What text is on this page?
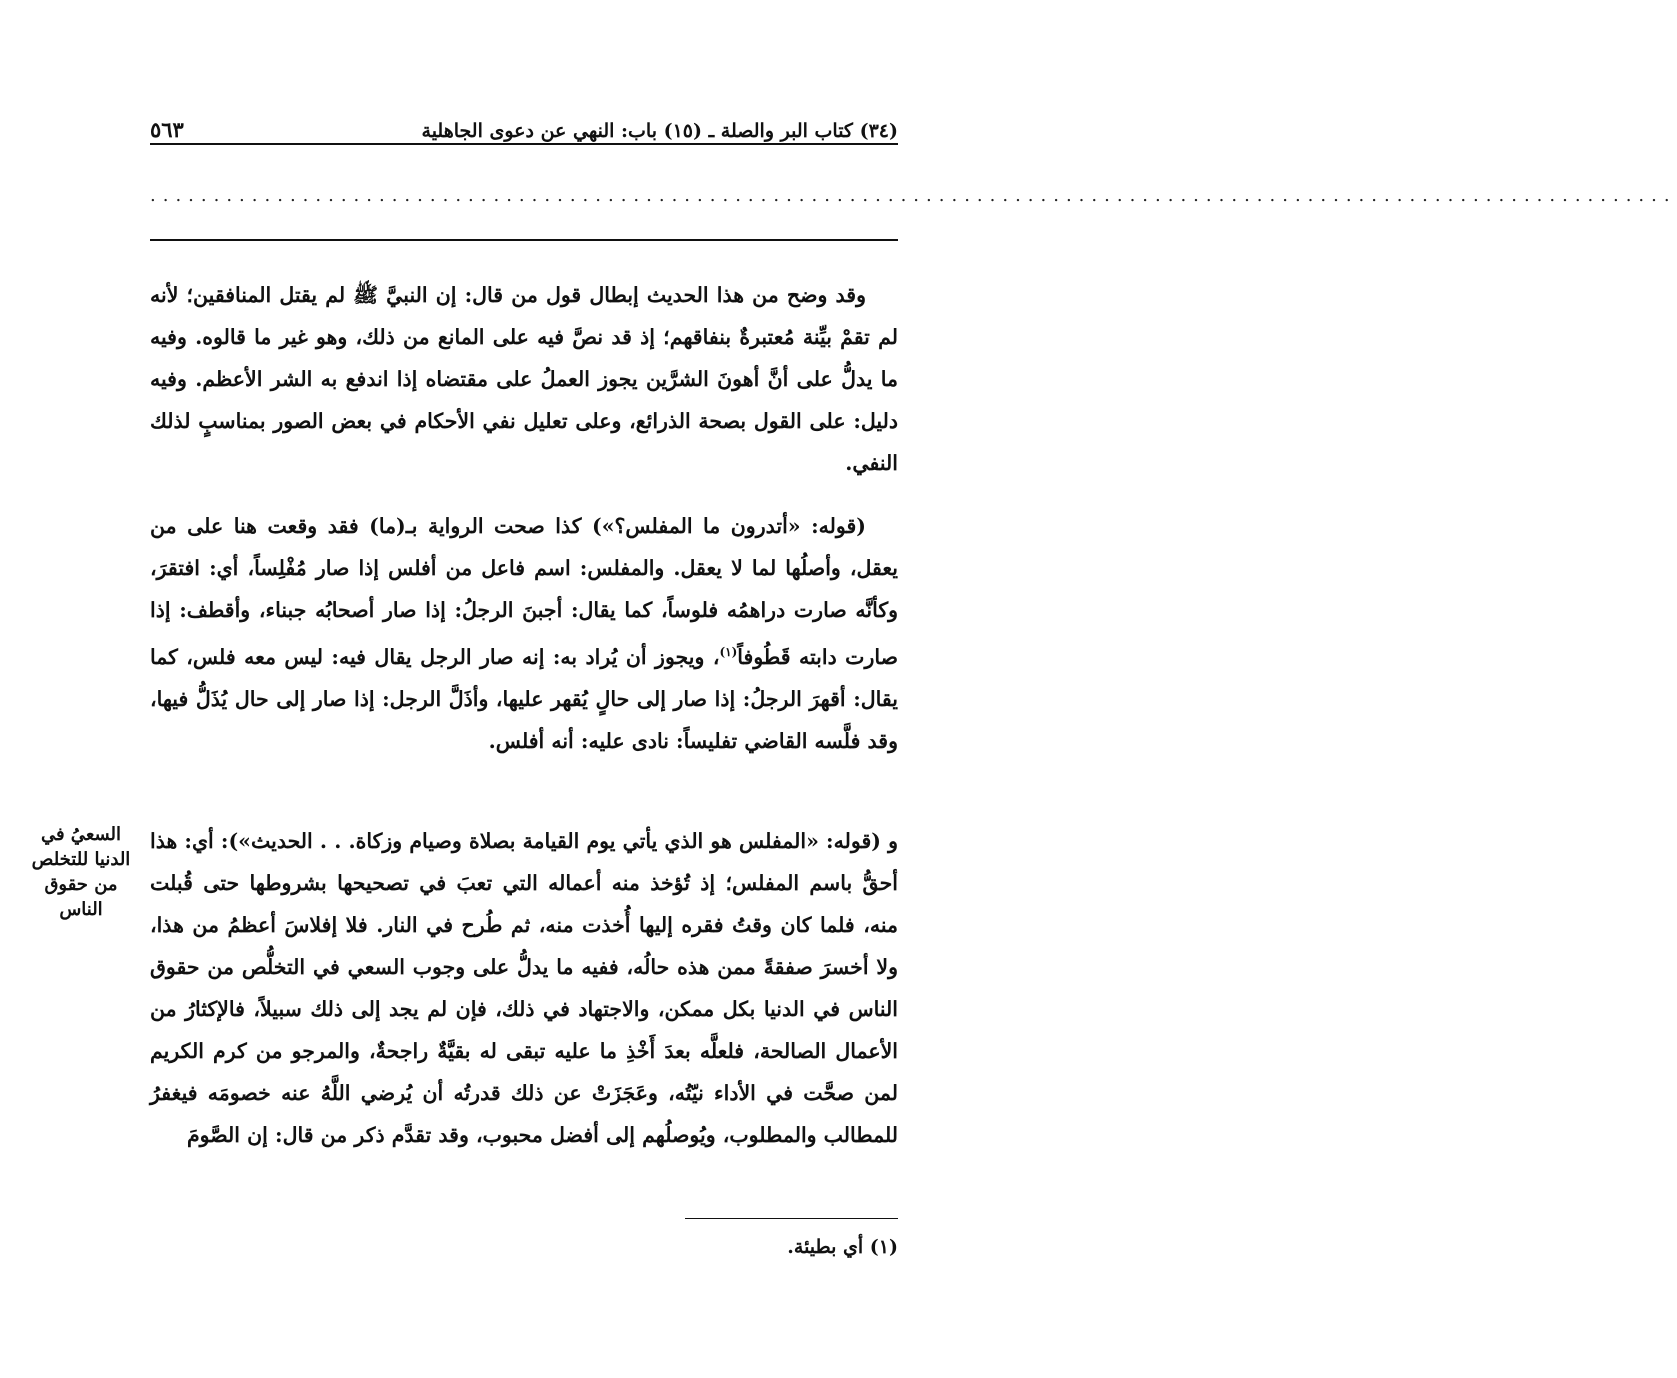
٥٦٣	(٣٤) كتاب البر والصلة ـ (١٥) باب: النهي عن دعوى الجاهلية
........................................................................................................................

وقد وضح من هذا الحديث إبطال قول من قال: إن النبيَّ ﷺ لم يقتل المنافقين؛ لأنه لم تقمْ بيِّنة مُعتبرةٌ بنفاقهم؛ إذ قد نصَّ فيه على المانع من ذلك، وهو غير ما قالوه. وفيه ما يدلُّ على أنَّ أهونَ الشرَّين يجوز العملُ على مقتضاه إذا اندفع به الشر الأعظم. وفيه دليل: على القول بصحة الذرائع، وعلى تعليل نفي الأحكام في بعض الصور بمناسبٍ لذلك النفي.

(قوله: «أتدرون ما المفلس؟») كذا صحت الرواية بـ(ما) فقد وقعت هنا على من يعقل، وأصلُها لما لا يعقل. والمفلس: اسم فاعل من أفلس إذا صار مُفْلِساً، أي: افتقرَ، وكأنَّه صارت دراهمُه فلوساً، كما يقال: أجبنَ الرجلُ: إذا صار أصحابُه جبناء، وأقطف: إذا صارت دابته قَطُوفاً$^{(١)}$، ويجوز أن يُراد به: إنه صار الرجل يقال فيه: ليس معه فلس، كما يقال: أقهرَ الرجلُ: إذا صار إلى حالٍ يُقهر عليها، وأذَلَّ الرجل: إذا صار إلى حال يُذَلُّ فيها، وقد فلَّسه القاضي تفليساً: نادى عليه: أنه أفلس.

السعيُ في الدنيا للتخلص من حقوق الناس

و (قوله: «المفلس هو الذي يأتي يوم القيامة بصلاة وصيام وزكاة. . . الحديث»): أي: هذا أحقُّ باسم المفلس؛ إذ تُؤخذ منه أعماله التي تعبَ في تصحيحها بشروطها حتى قُبلت منه، فلما كان وقتُ فقره إليها أُخذت منه، ثم طُرح في النار. فلا إفلاسَ أعظمُ من هذا، ولا أخسرَ صفقةً ممن هذه حالُه، ففيه ما يدلُّ على وجوب السعي في التخلُّص من حقوق الناس في الدنيا بكل ممكن، والاجتهاد في ذلك، فإن لم يجد إلى ذلك سبيلاً، فالإكثارُ من الأعمال الصالحة، فلعلَّه بعدَ أَخْذِ ما عليه تبقى له بقيَّةٌ راجحةٌ، والمرجو من كرم الكريم لمن صحَّت في الأداء نيّتُه، وعَجَزَتْ عن ذلك قدرتُه أن يُرضي اللَّهُ عنه خصومَه فيغفرُ للمطالب والمطلوب، ويُوصلُهم إلى أفضل محبوب، وقد تقدَّم ذكر من قال: إن الصَّومَ

(١) أي بطيئة.
